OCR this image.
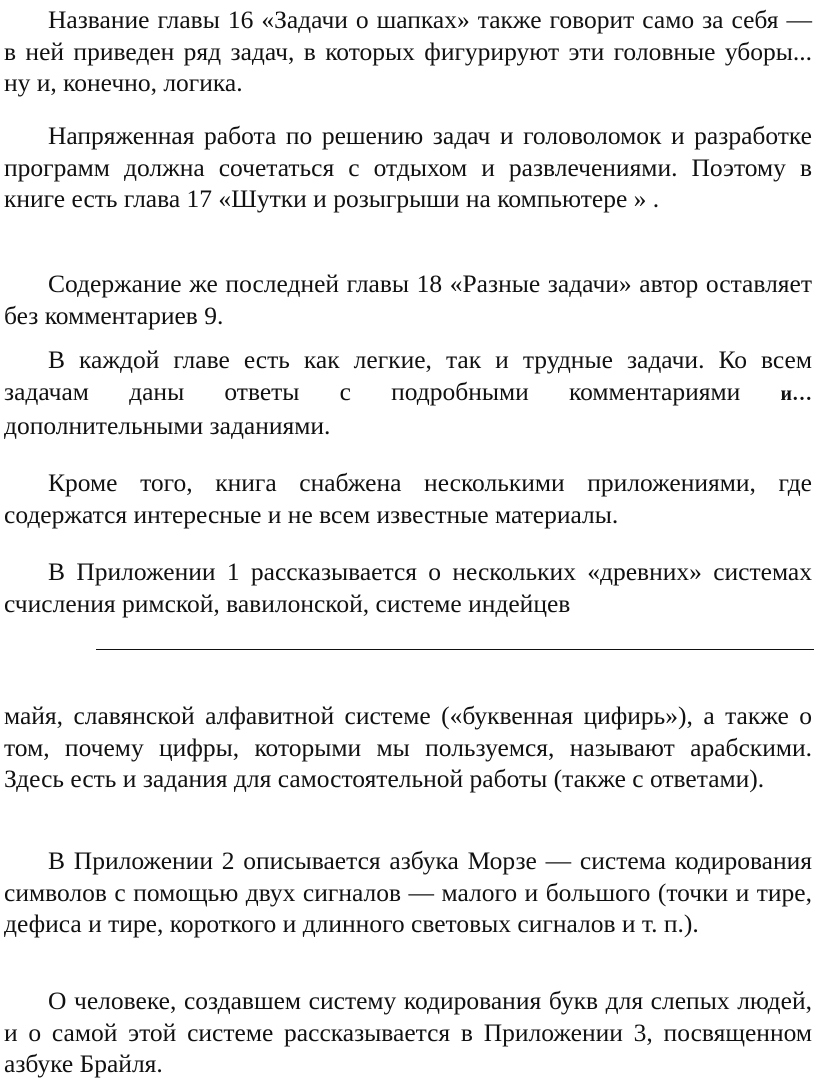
Название главы 16 «Задачи о шапках» также говорит само за себя — в ней приведен ряд задач, в которых фигурируют эти головные уборы... ну и, конечно, логика.

Напряженная работа по решению задач и головоломок и разработке программ должна сочетаться с отдыхом и развлечениями. Поэтому в книге есть глава 17 «Шутки и розыгрыши на компьютере » .

Содержание же последней главы 18 «Разные задачи» автор оставляет без комментариев 9.

В каждой главе есть как легкие, так и трудные задачи. Ко всем задачам даны ответы с подробными комментариями и… дополнительными заданиями.

Кроме того, книга снабжена несколькими приложениями, где содержатся интересные и не всем известные материалы.

В Приложении 1 рассказывается о нескольких «древних» системах счисления римской, вавилонской, системе индейцев

майя, славянской алфавитной системе («буквенная цифирь»), а также о том, почему цифры, которыми мы пользуемся, называют арабскими. Здесь есть и задания для самостоятельной работы (также с ответами).

В Приложении 2 описывается азбука Морзе — система кодирования символов с помощью двух сигналов — малого и большого (точки и тире, дефиса и тире, короткого и длинного световых сигналов и т. п.).

О человеке, создавшем систему кодирования букв для слепых людей, и о самой этой системе рассказывается в Приложении 3, посвященном азбуке Брайля.
